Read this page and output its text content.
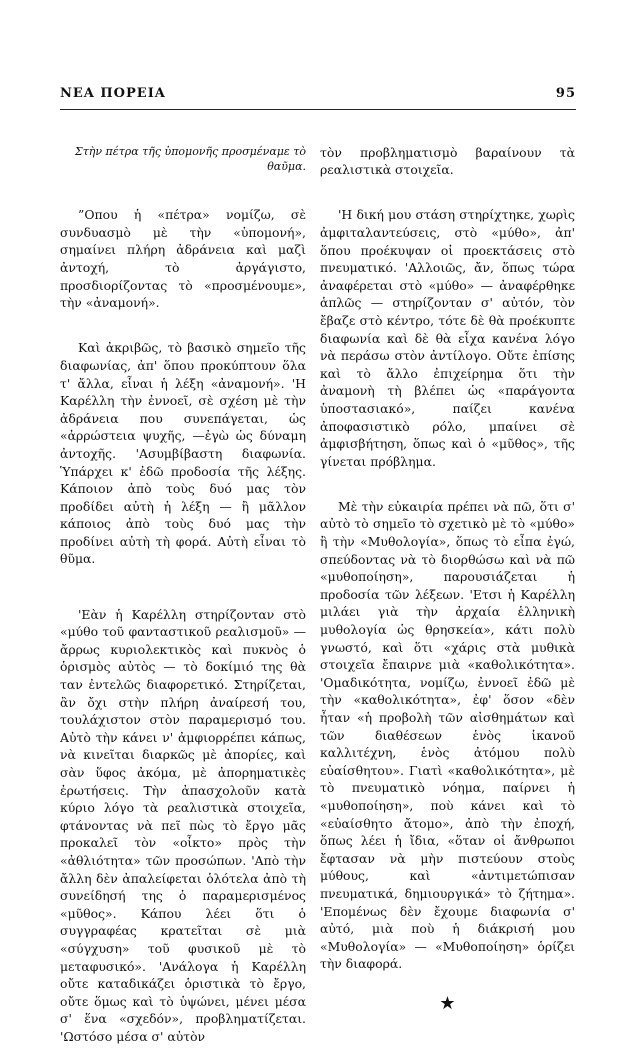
ΝΕΑ ΠΟΡΕΙΑ	95

Στὴν πέτρα τῆς ὑπομονῆς προσμέναμε τὸ θαῦμα.

”Οπου ἡ «πέτρα» νομίζω, σὲ συνδυασμὸ μὲ τὴν «ὑπομονή», σημαίνει πλήρη ἀδράνεια καὶ μαζὶ ἀντοχή, τὸ ἀργάγιστο, προσδιορίζοντας τὸ «προσμένουμε», τὴν «ἀναμονή».

Καὶ ἀκριβῶς, τὸ βασικὸ σημεῖο τῆς διαφωνίας, ἀπ' ὅπου προκύπτουν ὅλα τ' ἄλλα, εἶναι ἡ λέξη «ἀναμονή». 'Η Καρέλλη τὴν ἐννοεῖ, σὲ σχέση μὲ τὴν ἀδράνεια που συνεπάγεται, ὡς «ἀρρώστεια ψυχῆς, —ἐγὼ ὡς δύναμη ἀντοχῆς. 'Ασυμβίβαστη διαφωνία. Ὑπάρχει κ' ἐδῶ προδοσία τῆς λέξης. Κάποιον ἀπὸ τοὺς δυό μας τὸν προδίδει αὐτὴ ἡ λέξη — ἢ μᾶλλον κάποιος ἀπὸ τοὺς δυό μας τὴν προδίνει αὐτὴ τὴ φορά. Αὐτὴ εἶναι τὸ θῦμα.

'Εὰν ἡ Καρέλλη στηρίζονταν στὸ «μύθο τοῦ φανταστικοῦ ρεαλισμοῦ» —ἄρρως κυριολεκτικὸς καὶ πυκνὸς ὁ ὁρισμὸς αὐτὸς — τὸ δοκίμιό της θὰ ταν ἐντελῶς διαφορετικό. Στηρίζεται, ἂν ὄχι στὴν πλήρη ἀναίρεσή του, τουλάχιστον στὸν παραμερισμό του. Αὐτὸ τὴν κάνει ν' ἀμφιορρέπει κάπως, νὰ κινεῖται διαρκῶς μὲ ἀπορίες, καὶ σὰν ὕφος ἀκόμα, μὲ ἀπορηματικὲς ἐρωτήσεις. Τὴν ἀπασχολοῦν κατὰ κύριο λόγο τὰ ρεαλιστικὰ στοιχεῖα, φτάνοντας νὰ πεῖ πὼς τὸ ἔργο μᾶς προκαλεῖ τὸν «οἶκτο» πρὸς τὴν «ἀθλιότητα» τῶν προσώπων. 'Απὸ τὴν ἄλλη δὲν ἀπαλείφεται ὁλότελα ἀπὸ τὴ συνείδησή της ὁ παραμερισμένος «μῦθος». Κάπου λέει ὅτι ὁ συγγραφέας κρατεῖται σὲ μιὰ «σύγχυση» τοῦ φυσικοῦ μὲ τὸ μεταφυσικό». 'Ανάλογα ἡ Καρέλλη οὔτε καταδικάζει ὁριστικὰ τὸ ἔργο, οὔτε ὅμως καὶ τὸ ὑψώνει, μένει μέσα σ' ἕνα «σχεδόν», προβληματίζεται. 'Ωστόσο μέσα σ' αὐτὸν

τὸν προβληματισμὸ βαραίνουν τὰ ρεαλιστικὰ στοιχεῖα.

'Η δική μου στάση στηρίχτηκε, χωρὶς ἀμφιταλαντεύσεις, στὸ «μύθο», ἀπ' ὅπου προέκυψαν οἱ προεκτάσεις στὸ πνευματικό. 'Αλλοιῶς, ἄν, ὅπως τώρα ἀναφέρεται στὸ «μύθο» — ἀναφέρθηκε ἁπλῶς — στηρίζονταν σ' αὐτόν, τὸν ἔβαζε στὸ κέντρο, τότε δὲ θὰ προέκυπτε διαφωνία καὶ δὲ θὰ εἶχα κανένα λόγο νὰ περάσω στὸν ἀντίλογο. Οὔτε ἐπίσης καὶ τὸ ἄλλο ἐπιχείρημα ὅτι τὴν ἀναμονὴ τὴ βλέπει ὡς «παράγοντα ὑποστασιακό», παίζει κανένα ἀποφασιστικὸ ρόλο, μπαίνει σὲ ἀμφισβήτηση, ὅπως καὶ ὁ «μῦθος», τῆς γίνεται πρόβλημα.

Μὲ τὴν εὐκαιρία πρέπει νὰ πῶ, ὅτι σ' αὐτὸ τὸ σημεῖο τὸ σχετικὸ μὲ τὸ «μύθο» ἢ τὴν «Μυθολογία», ὅπως τὸ εἶπα ἐγώ, σπεύδοντας νὰ τὸ διορθώσω καὶ νὰ πῶ «μυθοποίηση», παρουσιάζεται ἡ προδοσία τῶν λέξεων. 'Ετσι ἡ Καρέλλη μιλάει γιὰ τὴν ἀρχαία ἑλληνικὴ μυθολογία ὡς θρησκεία», κάτι πολὺ γνωστό, καὶ ὅτι «χάρις στὰ μυθικὰ στοιχεῖα ἔπαιρνε μιὰ «καθολικότητα». 'Ομαδικότητα, νομίζω, ἐννοεῖ ἐδῶ μὲ τὴν «καθολικότητα», ἐφ' ὅσον «δὲν ἦταν «ἡ προβολὴ τῶν αἰσθημάτων καὶ τῶν διαθέσεων ἑνὸς ἱκανοῦ καλλιτέχνη, ἑνὸς ἀτόμου πολὺ εὐαίσθητου». Γιατὶ «καθολικότητα», μὲ τὸ πνευματικὸ νόημα, παίρνει ἡ «μυθοποίηση», ποὺ κάνει καὶ τὸ «εὐαίσθητο ἄτομο», ἀπὸ τὴν ἐποχή, ὅπως λέει ἡ ἴδια, «ὅταν οἱ ἄνθρωποι ἔφτασαν νὰ μὴν πιστεύουν στοὺς μύθους, καὶ «ἀντιμετώπισαν πνευματικά, δημιουργικά» τὸ ζήτημα». 'Επομένως δὲν ἔχουμε διαφωνία σ' αὐτό, μιὰ ποὺ ἡ διάκρισή μου «Μυθολογία» — «Μυθοποίηση» ὁρίζει τὴν διαφορά.

★
